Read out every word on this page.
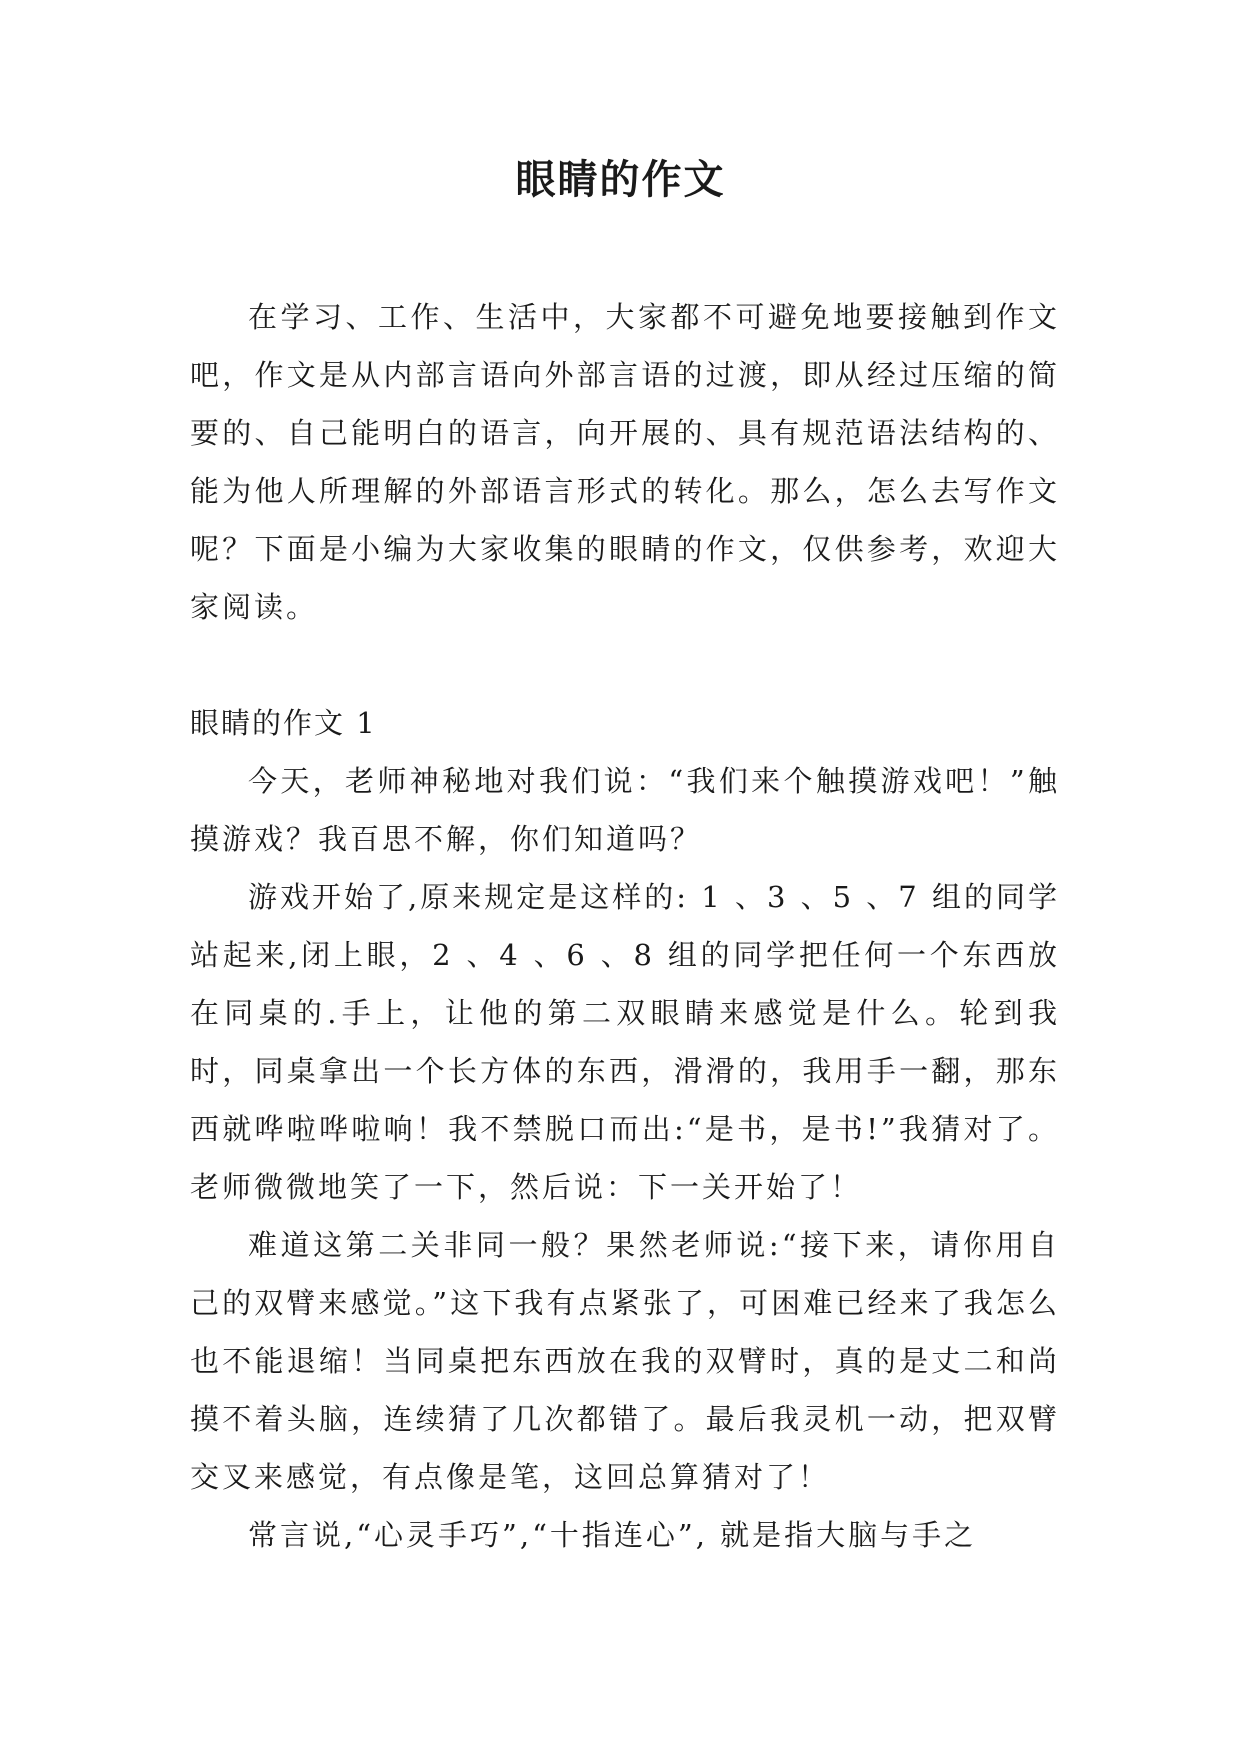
眼睛的作文

在学习、工作、生活中，大家都不可避免地要接触到作文吧，作文是从内部言语向外部言语的过渡，即从经过压缩的简要的、自己能明白的语言，向开展的、具有规范语法结构的、能为他人所理解的外部语言形式的转化。那么，怎么去写作文呢？下面是小编为大家收集的眼睛的作文，仅供参考，欢迎大家阅读。

眼睛的作文 1

今天，老师神秘地对我们说：“我们来个触摸游戏吧！”触摸游戏？我百思不解，你们知道吗？

游戏开始了,原来规定是这样的: 1 、3 、5 、7 组的同学站起来,闭上眼，2 、4 、6 、8 组的同学把任何一个东西放在同桌的.手上，让他的第二双眼睛来感觉是什么。轮到我时，同桌拿出一个长方体的东西，滑滑的，我用手一翻，那东西就哗啦哗啦响！我不禁脱口而出:“是书，是书!”我猜对了。老师微微地笑了一下，然后说：下一关开始了！

难道这第二关非同一般？果然老师说:“接下来，请你用自己的双臂来感觉。”这下我有点紧张了，可困难已经来了我怎么也不能退缩！当同桌把东西放在我的双臂时，真的是丈二和尚摸不着头脑，连续猜了几次都错了。最后我灵机一动，把双臂交叉来感觉，有点像是笔，这回总算猜对了！

常言说,“心灵手巧”,“十指连心”, 就是指大脑与手之
